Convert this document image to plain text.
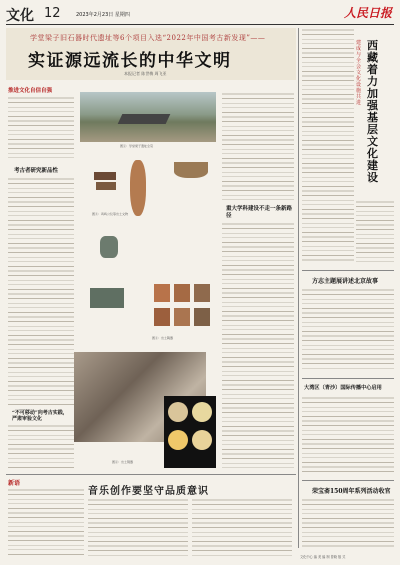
文化 12	2023年2月23日 星期四	人民日报
学堂梁子旧石器时代遗址等6个项目入选“2022年中国考古新发现”——
实证源远流长的中华文明
本报记者 陈世梅 周飞亚
推进文化自信自强
考古者研究新品性
“不可移动”向考古实践，严肃审验文化
图①：学堂梁子遗址全景
图②：鸡鸣公仪等出土文物
图③：出土陶器
图④：出土铜器
重大学科建设不走一条新路径
建成与全会文化设施共进
西藏着力加强基层文化建设
方志主题展讲述北京故事
大湾区（青沙）国际传播中心启用
荣宝斋150周年系列活动收官
新语
音乐创作要坚守品质意识
文化中心 编 美 编 制 曾晓 版 式
